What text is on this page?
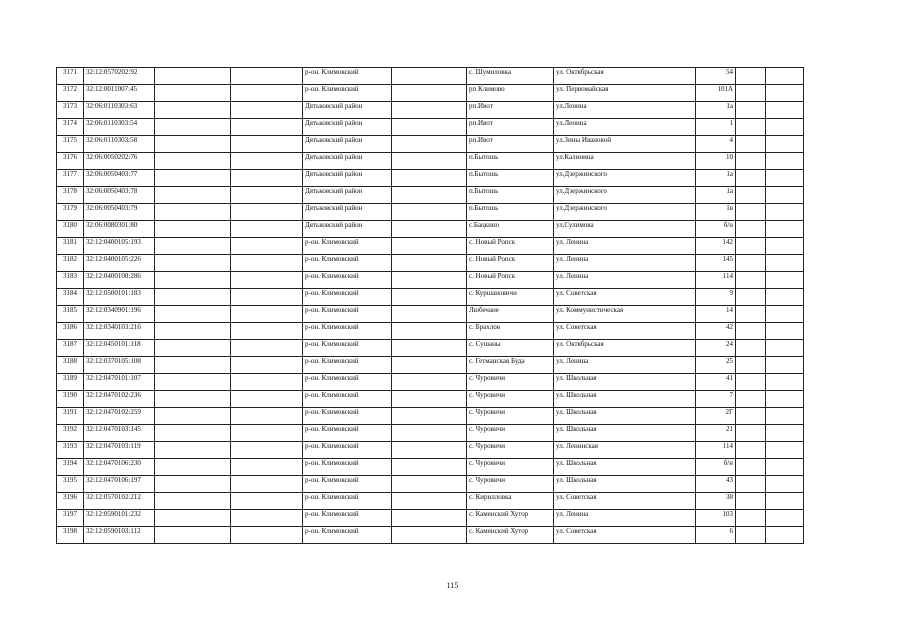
3171	32:12:0570202:92			р-он. Климовский		с. Шумиловка	ул. Октябрьская	54		
3172	32:12:0011007:45			р-он. Климовский		рп Климово	ул. Первомайская	101А		
3173	32:06:0110303:63			Дятьковский район		рп.Ивот	ул.Ленина	1а		
3174	32:06:0110303:54			Дятьковский район		рп.Ивот	ул.Ленина	1		
3175	32:06:0110303:58			Дятьковский район		рп.Ивот	ул.Зины Ивановой	4		
3176	32:06:0050202:76			Дятьковский район		п.Бытошь	ул.Калинина	10		
3177	32:06:0050403:77			Дятьковский район		п.Бытошь	ул.Дзержинского	1а		
3178	32:06:0050403:78			Дятьковский район		п.Бытошь	ул.Дзержинского	1а		
3179	32:06:0050403:79			Дятьковский район		п.Бытошь	ул.Дзержинского	1в		
3180	32:06:0080301:80			Дятьковский район		с.Бацкино	ул.Сулимова	б/н		
3181	32:12:0400105:193			р-он. Климовский		с. Новый Ропск	ул. Ленина	142		
3182	32:12:0400105:226			р-он. Климовский		с. Новый Ропск	ул. Ленина	145		
3183	32:12:0400108:286			р-он. Климовский		с. Новый Ропск	ул. Ленина	114		
3184	32:12:0500101:183			р-он. Климовский		с. Куршановичи	ул. Советская	9		
3185	32:12:0340901:196			р-он. Климовский		Любечане	ул. Коммунистическая	14		
3186	32:12:0340103:216			р-он. Климовский		с. Брахлов	ул. Советская	42		
3187	32:12:0450101:118			р-он. Климовский		с. Сушаны	ул. Октябрьская	24		
3188	32:12:0370105:108			р-он. Климовский		с. Гетманская Буда	ул. Ленина	25		
3189	32:12:0470101:107			р-он. Климовский		с. Чуровичи	ул. Школьная	41		
3190	32:12:0470102:236			р-он. Климовский		с. Чуровичи	ул. Школьная	7		
3191	32:12:0470102:259			р-он. Климовский		с. Чуровичи	ул. Школьная	2Г		
3192	32:12:0470103:145			р-он. Климовский		с. Чуровичи	ул. Школьная	21		
3193	32:12:0470103:119			р-он. Климовский		с. Чуровичи	ул. Ленинская	114		
3194	32:12:0470106:230			р-он. Климовский		с. Чуровичи	ул. Школьная	б/н		
3195	32:12:0470106:197			р-он. Климовский		с. Чуровичи	ул. Школьная	43		
3196	32:12:0570102:212			р-он. Климовский		с. Кирилловка	ул. Советская	38		
3197	32:12:0590101:232			р-он. Климовский		с. Каменский Хутор	ул. Ленина	103		
3198	32:12:0590103:112			р-он. Климовский		с. Каменский Хутор	ул. Советская	6		
115
